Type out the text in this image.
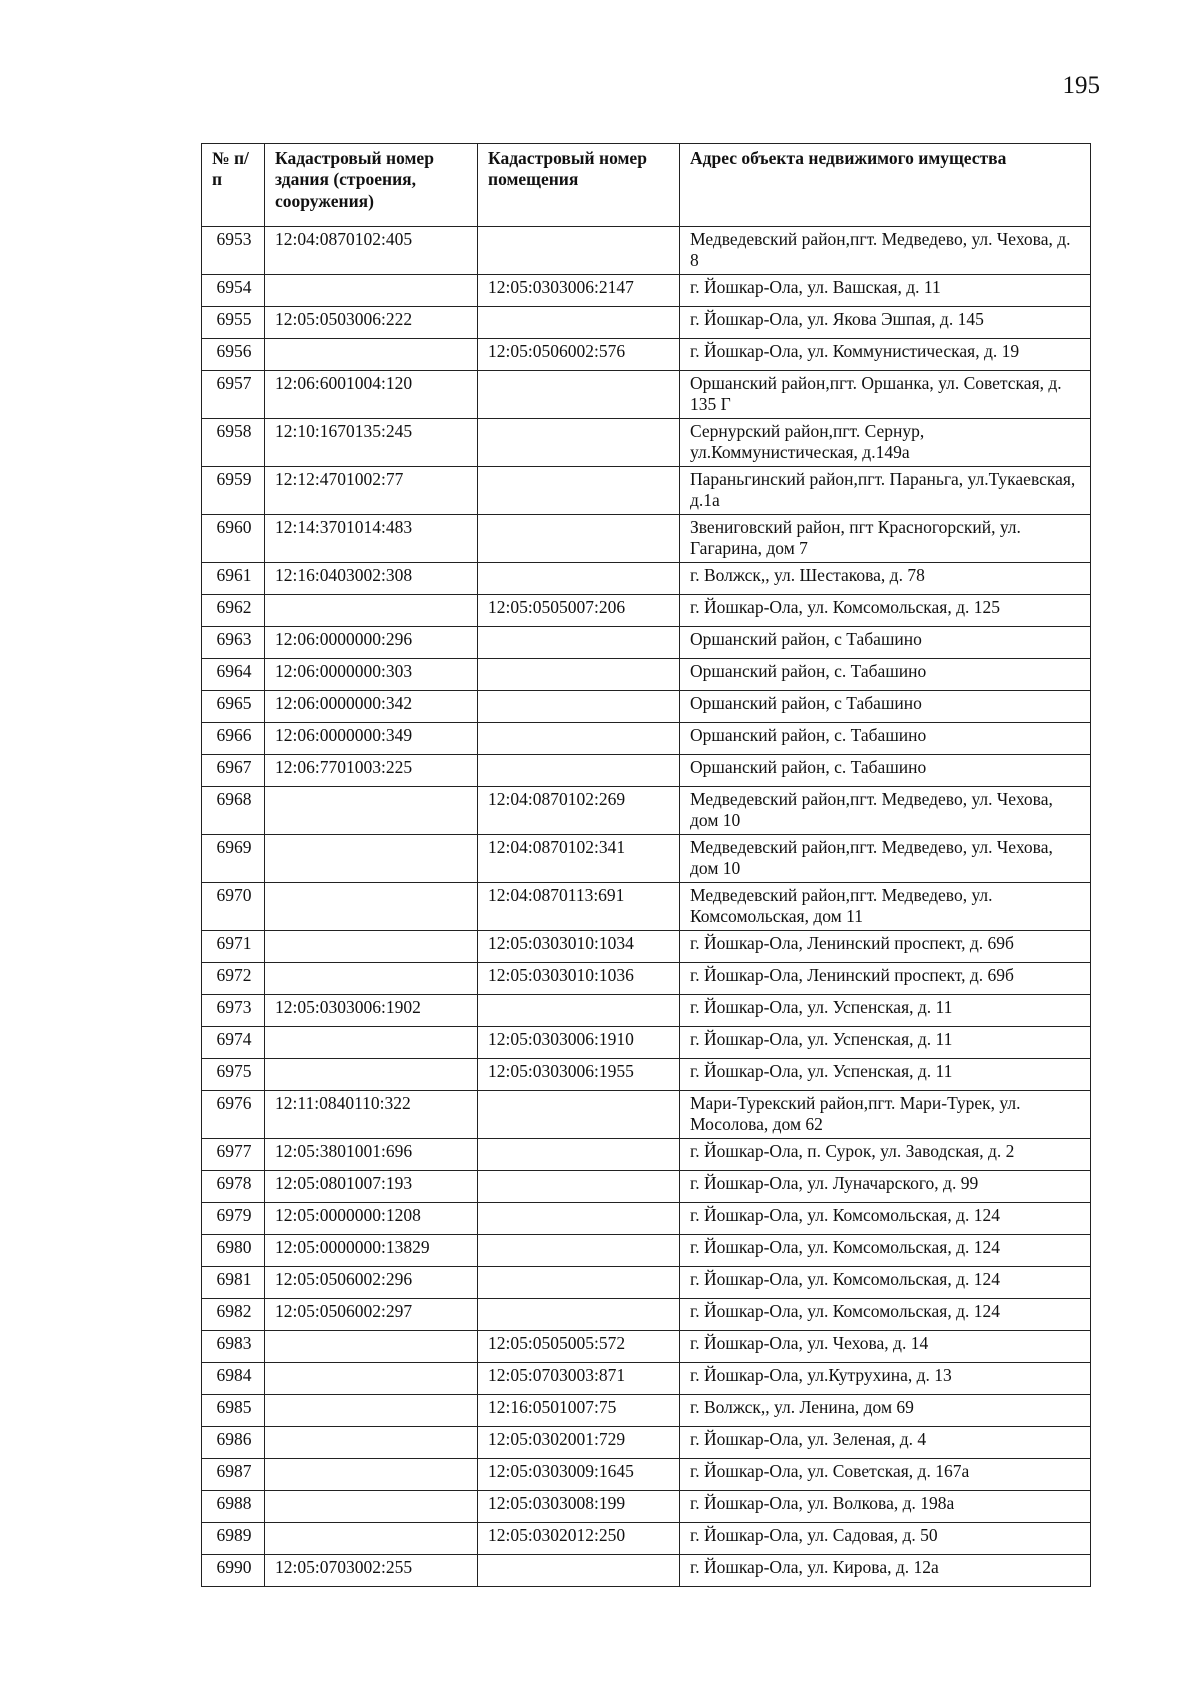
195
№ п/п	Кадастровый номер здания (строения, сооружения)	Кадастровый номер помещения	Адрес объекта недвижимого имущества
6953	12:04:0870102:405		Медведевский район,пгт. Медведево, ул. Чехова, д. 8
6954		12:05:0303006:2147	г. Йошкар-Ола, ул. Вашская, д. 11
6955	12:05:0503006:222		г. Йошкар-Ола, ул. Якова Эшпая, д. 145
6956		12:05:0506002:576	г. Йошкар-Ола, ул. Коммунистическая, д. 19
6957	12:06:6001004:120		Оршанский район,пгт. Оршанка, ул. Советская, д. 135 Г
6958	12:10:1670135:245		Сернурский район,пгт. Сернур, ул.Коммунистическая, д.149а
6959	12:12:4701002:77		Параньгинский район,пгт. Параньга, ул.Тукаевская, д.1а
6960	12:14:3701014:483		Звениговский район, пгт Красногорский, ул. Гагарина, дом 7
6961	12:16:0403002:308		г. Волжск,, ул. Шестакова, д. 78
6962		12:05:0505007:206	г. Йошкар-Ола, ул. Комсомольская, д. 125
6963	12:06:0000000:296		Оршанский район, с Табашино
6964	12:06:0000000:303		Оршанский район, с. Табашино
6965	12:06:0000000:342		Оршанский район, с Табашино
6966	12:06:0000000:349		Оршанский район, с. Табашино
6967	12:06:7701003:225		Оршанский район, с. Табашино
6968		12:04:0870102:269	Медведевский район,пгт. Медведево, ул. Чехова, дом 10
6969		12:04:0870102:341	Медведевский район,пгт. Медведево, ул. Чехова, дом 10
6970		12:04:0870113:691	Медведевский район,пгт. Медведево, ул. Комсомольская, дом 11
6971		12:05:0303010:1034	г. Йошкар-Ола, Ленинский проспект, д. 69б
6972		12:05:0303010:1036	г. Йошкар-Ола, Ленинский проспект, д. 69б
6973	12:05:0303006:1902		г. Йошкар-Ола, ул. Успенская, д. 11
6974		12:05:0303006:1910	г. Йошкар-Ола, ул. Успенская, д. 11
6975		12:05:0303006:1955	г. Йошкар-Ола, ул. Успенская, д. 11
6976	12:11:0840110:322		Мари-Турекский район,пгт. Мари-Турек, ул. Мосолова, дом 62
6977	12:05:3801001:696		г. Йошкар-Ола, п. Сурок, ул. Заводская, д. 2
6978	12:05:0801007:193		г. Йошкар-Ола, ул. Луначарского, д. 99
6979	12:05:0000000:1208		г. Йошкар-Ола, ул. Комсомольская, д. 124
6980	12:05:0000000:13829		г. Йошкар-Ола, ул. Комсомольская, д. 124
6981	12:05:0506002:296		г. Йошкар-Ола, ул. Комсомольская, д. 124
6982	12:05:0506002:297		г. Йошкар-Ола, ул. Комсомольская, д. 124
6983		12:05:0505005:572	г. Йошкар-Ола, ул. Чехова, д. 14
6984		12:05:0703003:871	г. Йошкар-Ола, ул.Кутрухина, д. 13
6985		12:16:0501007:75	г. Волжск,, ул. Ленина, дом 69
6986		12:05:0302001:729	г. Йошкар-Ола, ул. Зеленая, д. 4
6987		12:05:0303009:1645	г. Йошкар-Ола, ул. Советская, д. 167а
6988		12:05:0303008:199	г. Йошкар-Ола, ул. Волкова, д. 198а
6989		12:05:0302012:250	г. Йошкар-Ола, ул. Садовая, д. 50
6990	12:05:0703002:255		г. Йошкар-Ола, ул. Кирова, д. 12а
